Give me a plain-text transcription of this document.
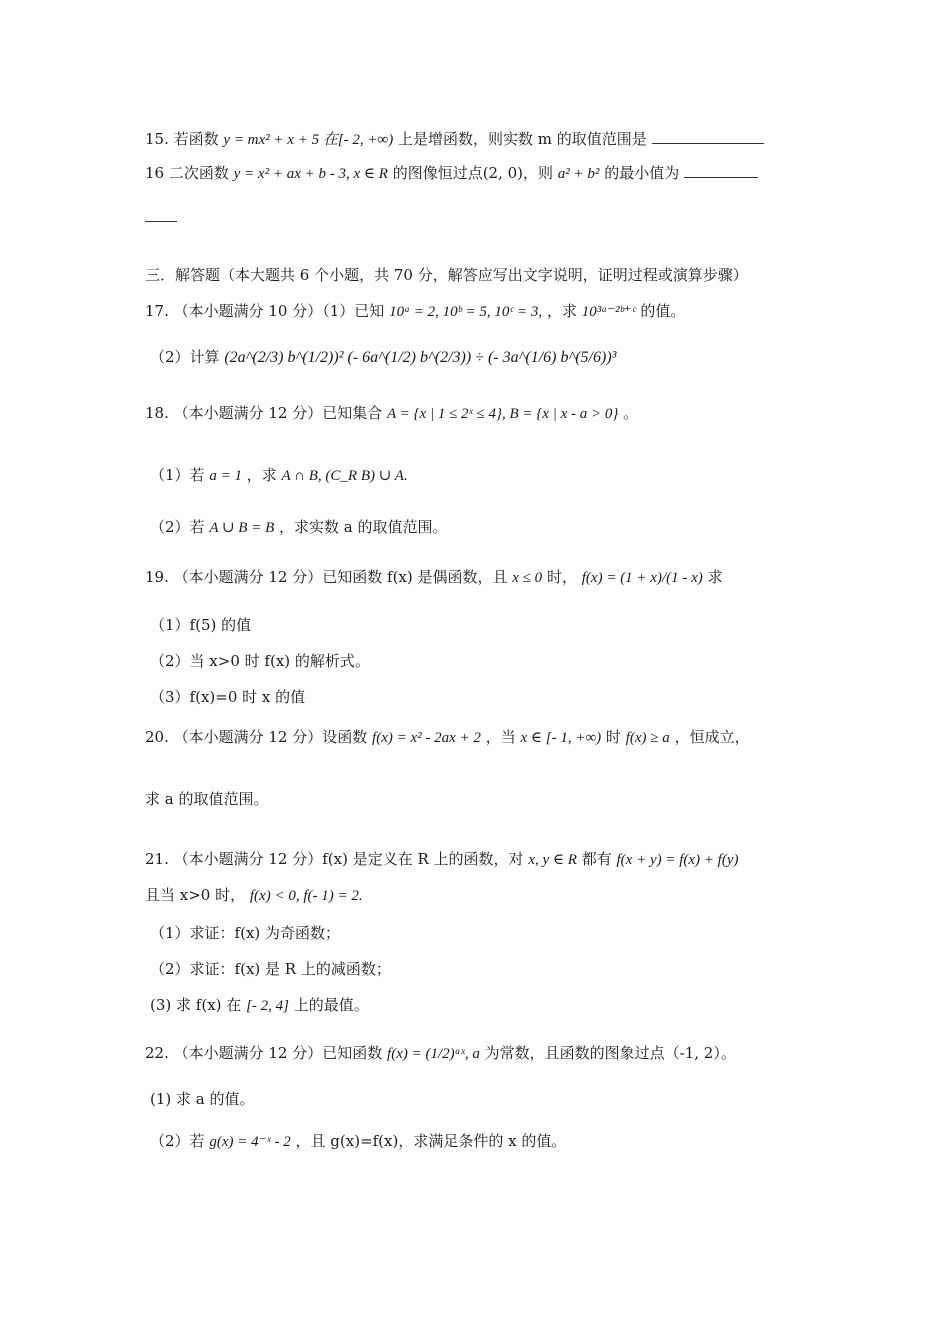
15. 若函数 y = mx² + x + 5 在[- 2, +∞) 上是增函数，则实数 m 的取值范围是
16 二次函数 y = x² + ax + b - 3, x ∈ R 的图像恒过点(2, 0)，则 a² + b² 的最小值为
三．解答题（本大题共 6 个小题，共 70 分，解答应写出文字说明，证明过程或演算步骤）
17. （本小题满分 10 分）（1）已知 10ᵃ = 2, 10ᵇ = 5, 10ᶜ = 3, ，求 10³ᵃ⁻²ᵇ⁺ᶜ 的值。
（2）计算 (2a^(2/3) b^(1/2))² (- 6a^(1/2) b^(2/3)) ÷ (- 3a^(1/6) b^(5/6))³
18. （本小题满分 12 分）已知集合 A = {x | 1 ≤ 2ˣ ≤ 4}, B = {x | x - a > 0} 。
（1）若 a = 1 ，求 A ∩ B, (C_R B) ∪ A.
（2）若 A ∪ B = B ，求实数 a 的取值范围。
19. （本小题满分 12 分）已知函数 f(x) 是偶函数，且 x ≤ 0 时， f(x) = (1 + x)/(1 - x) 求
（1）f(5) 的值
（2）当 x>0 时 f(x) 的解析式。
（3）f(x)=0 时 x 的值
20. （本小题满分 12 分）设函数 f(x) = x² - 2ax + 2 ，当 x ∈ [- 1, +∞) 时 f(x) ≥ a ，恒成立，
求 a 的取值范围。
21. （本小题满分 12 分）f(x) 是定义在 R 上的函数，对 x, y ∈ R 都有 f(x + y) = f(x) + f(y)
且当 x>0 时， f(x) < 0, f(- 1) = 2.
（1）求证：f(x) 为奇函数；
（2）求证：f(x) 是 R 上的减函数；
(3) 求 f(x) 在 [- 2, 4] 上的最值。
22. （本小题满分 12 分）已知函数 f(x) = (1/2)ᵃˣ, a 为常数，且函数的图象过点（-1, 2）。
(1) 求 a 的值。
（2）若 g(x) = 4⁻ˣ - 2 ，且 g(x)=f(x)，求满足条件的 x 的值。
